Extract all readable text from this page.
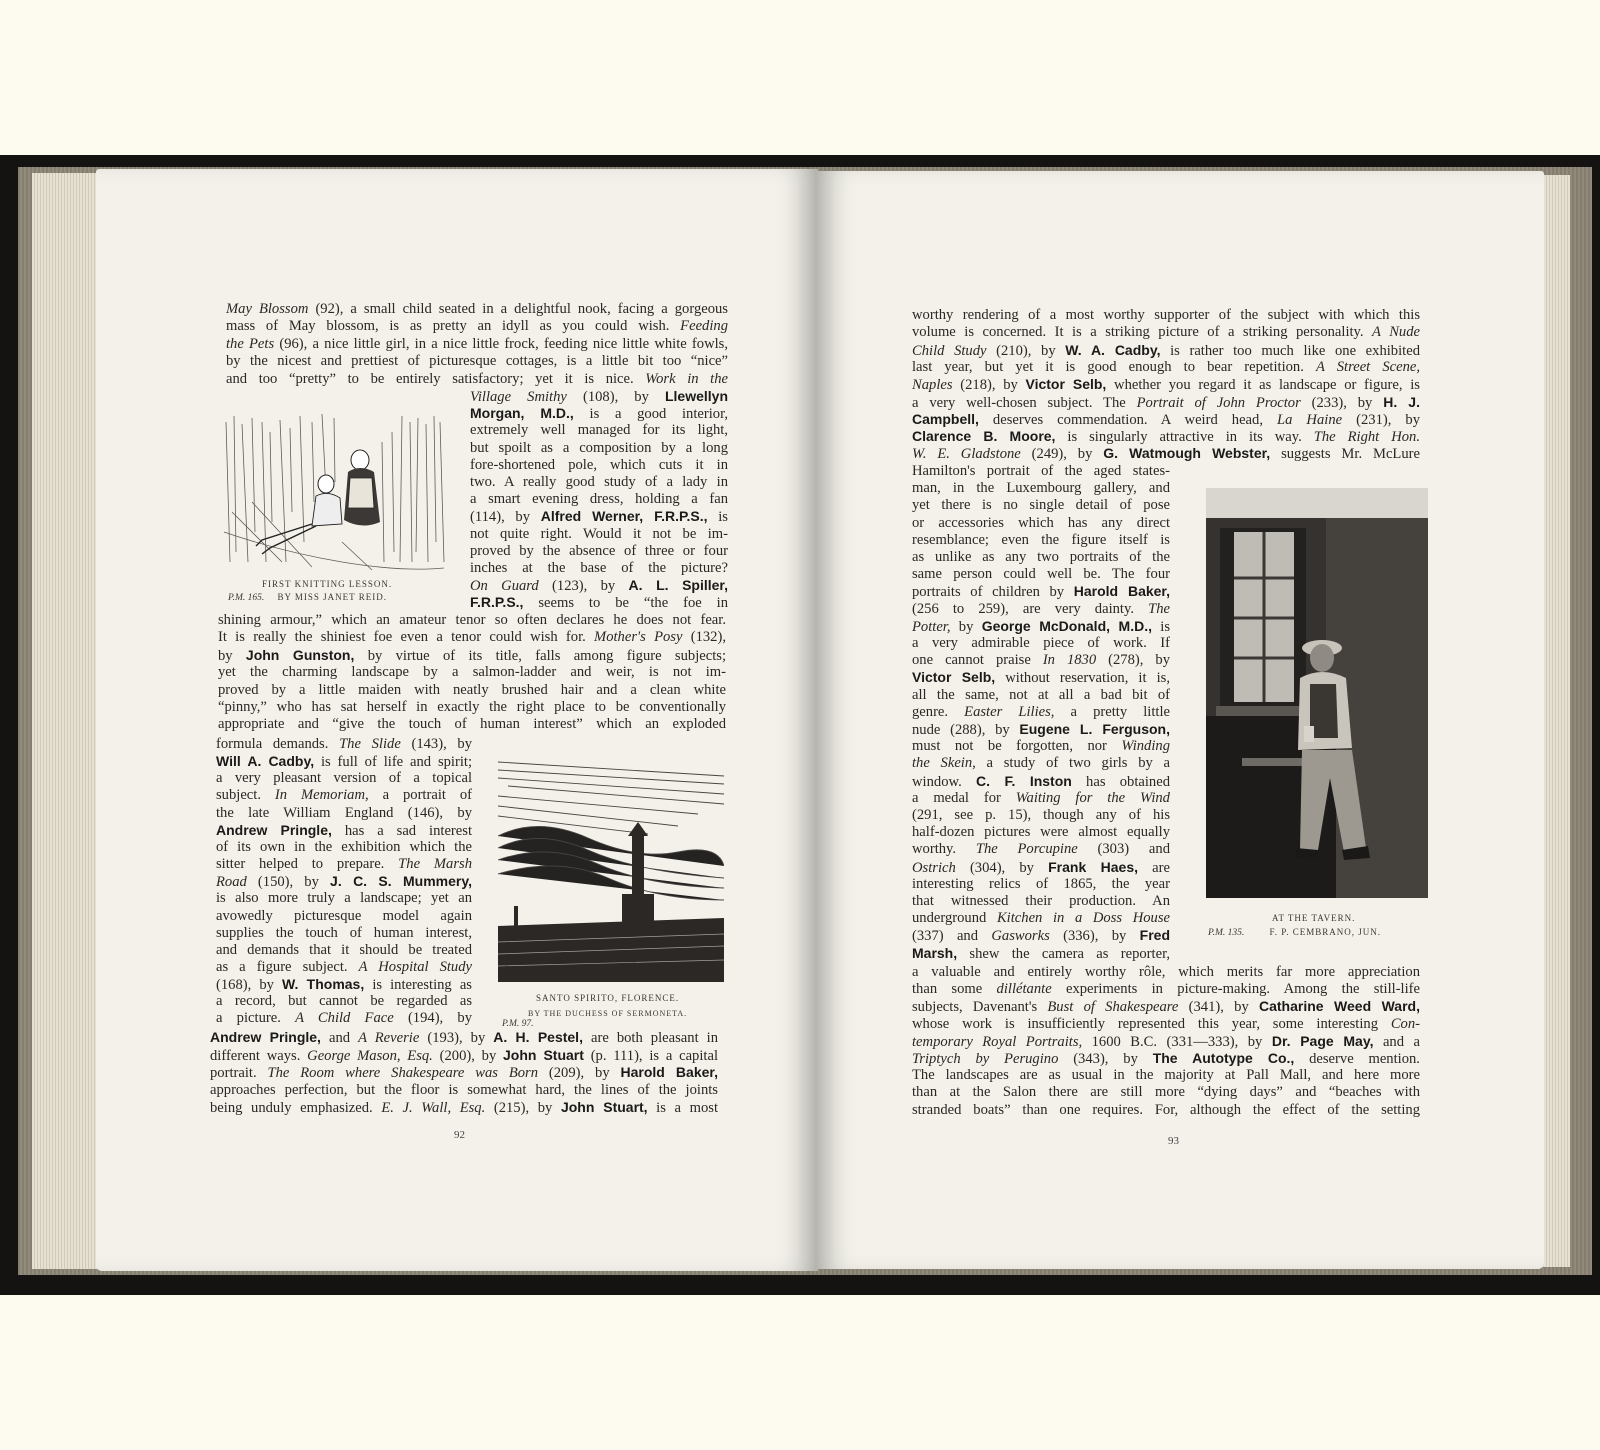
May Blossom (92), a small child seated in a delightful nook, facing a gorgeous
mass of May blossom, is as pretty an idyll as you could wish. Feeding
the Pets (96), a nice little girl, in a nice little frock, feeding nice little white fowls,
by the nicest and prettiest of picturesque cottages, is a little bit too “nice”
and too “pretty” to be entirely satisfactory; yet it is nice. Work in the
Village Smithy (108), by Llewellyn
Morgan, M.D., is a good interior,
extremely well managed for its light,
but spoilt as a composition by a long
fore-shortened pole, which cuts it in
two. A really good study of a lady in
a smart evening dress, holding a fan
(114), by Alfred Werner, F.R.P.S., is
not quite right. Would it not be im-
proved by the absence of three or four
inches at the base of the picture?
On Guard (123), by A. L. Spiller,
F.R.P.S., seems to be “the foe in
shining armour,” which an amateur tenor so often declares he does not fear.
It is really the shiniest foe even a tenor could wish for. Mother's Posy (132),
by John Gunston, by virtue of its title, falls among figure subjects;
yet the charming landscape by a salmon-ladder and weir, is not im-
proved by a little maiden with neatly brushed hair and a clean white
“pinny,” who has sat herself in exactly the right place to be conventionally
appropriate and “give the touch of human interest” which an exploded
formula demands. The Slide (143), by
Will A. Cadby, is full of life and spirit;
a very pleasant version of a topical
subject. In Memoriam, a portrait of
the late William England (146), by
Andrew Pringle, has a sad interest
of its own in the exhibition which the
sitter helped to prepare. The Marsh
Road (150), by J. C. S. Mummery,
is also more truly a landscape; yet an
avowedly picturesque model again
supplies the touch of human interest,
and demands that it should be treated
as a figure subject. A Hospital Study
(168), by W. Thomas, is interesting as
a record, but cannot be regarded as
a picture. A Child Face (194), by
Andrew Pringle, and A Reverie (193), by A. H. Pestel, are both pleasant in
different ways. George Mason, Esq. (200), by John Stuart (p. 111), is a capital
portrait. The Room where Shakespeare was Born (209), by Harold Baker,
approaches perfection, but the floor is somewhat hard, the lines of the joints
being unduly emphasized. E. J. Wall, Esq. (215), by John Stuart, is a most
FIRST KNITTING LESSON.
P.M. 165. BY MISS JANET REID.
SANTO SPIRITO, FLORENCE.
BY THE DUCHESS OF SERMONETA.
P.M. 97.
92
worthy rendering of a most worthy supporter of the subject with which this
volume is concerned. It is a striking picture of a striking personality. A Nude
Child Study (210), by W. A. Cadby, is rather too much like one exhibited
last year, but yet it is good enough to bear repetition. A Street Scene,
Naples (218), by Victor Selb, whether you regard it as landscape or figure, is
a very well-chosen subject. The Portrait of John Proctor (233), by H. J.
Campbell, deserves commendation. A weird head, La Haine (231), by
Clarence B. Moore, is singularly attractive in its way. The Right Hon.
W. E. Gladstone (249), by G. Watmough Webster, suggests Mr. McLure
Hamilton's portrait of the aged states-
man, in the Luxembourg gallery, and
yet there is no single detail of pose
or accessories which has any direct
resemblance; even the figure itself is
as unlike as any two portraits of the
same person could well be. The four
portraits of children by Harold Baker,
(256 to 259), are very dainty. The
Potter, by George McDonald, M.D., is
a very admirable piece of work. If
one cannot praise In 1830 (278), by
Victor Selb, without reservation, it is,
all the same, not at all a bad bit of
genre. Easter Lilies, a pretty little
nude (288), by Eugene L. Ferguson,
must not be forgotten, nor Winding
the Skein, a study of two girls by a
window. C. F. Inston has obtained
a medal for Waiting for the Wind
(291, see p. 15), though any of his
half-dozen pictures were almost equally
worthy. The Porcupine (303) and
Ostrich (304), by Frank Haes, are
interesting relics of 1865, the year
that witnessed their production. An
underground Kitchen in a Doss House
(337) and Gasworks (336), by Fred
Marsh, shew the camera as reporter,
a valuable and entirely worthy rôle, which merits far more appreciation
than some dillétante experiments in picture-making. Among the still-life
subjects, Davenant's Bust of Shakespeare (341), by Catharine Weed Ward,
whose work is insufficiently represented this year, some interesting Con-
temporary Royal Portraits, 1600 B.C. (331—333), by Dr. Page May, and a
Triptych by Perugino (343), by The Autotype Co., deserve mention.
The landscapes are as usual in the majority at Pall Mall, and here more
than at the Salon there are still more “dying days” and “beaches with
stranded boats” than one requires. For, although the effect of the setting
AT THE TAVERN.
P.M. 135.	F. P. CEMBRANO, JUN.
93
